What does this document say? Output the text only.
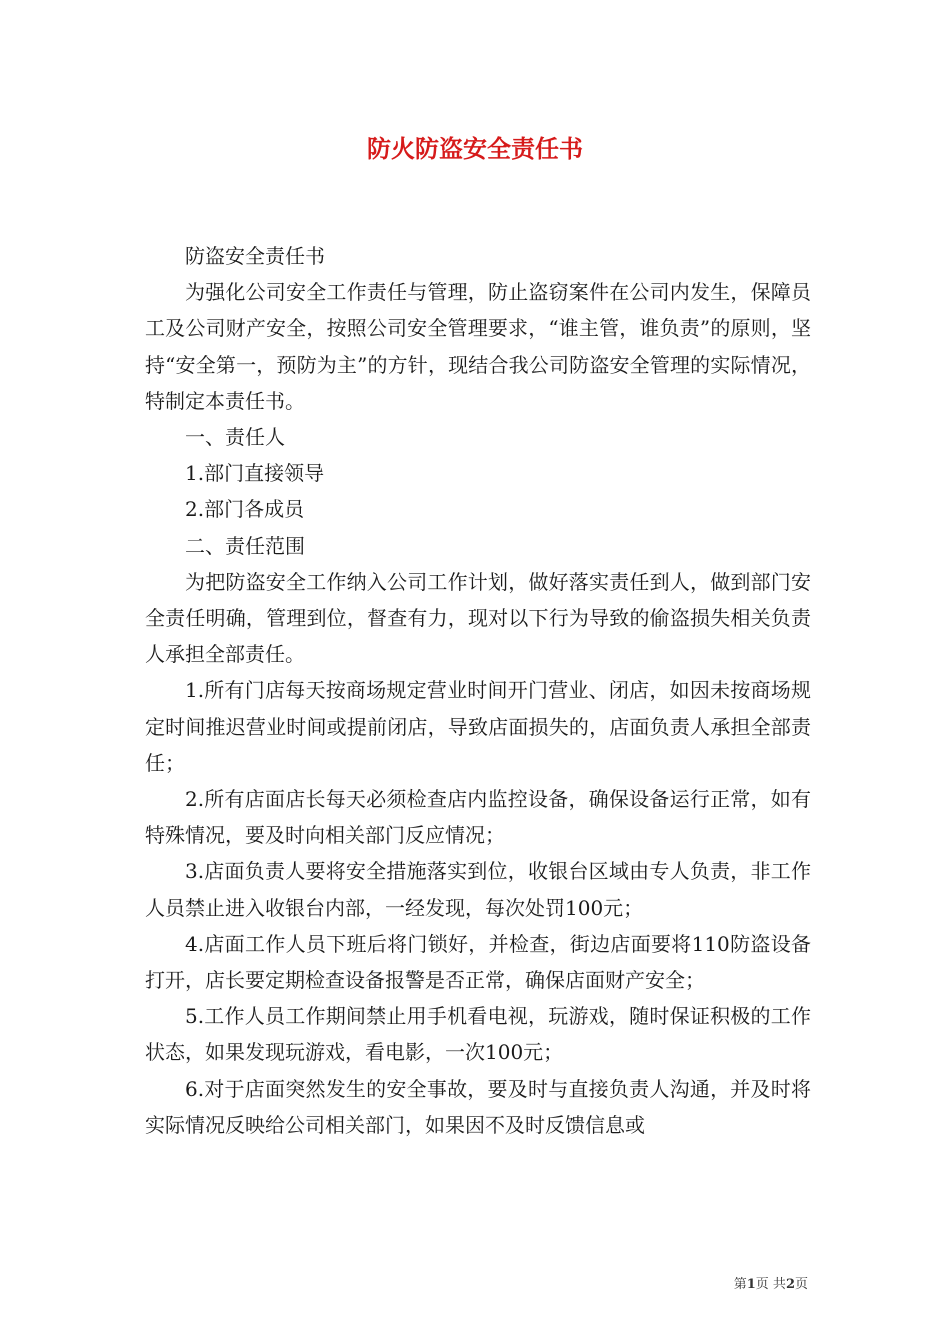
防火防盗安全责任书

防盗安全责任书

为强化公司安全工作责任与管理，防止盗窃案件在公司内发生，保障员工及公司财产安全，按照公司安全管理要求，“谁主管，谁负责”的原则，坚持“安全第一，预防为主”的方针，现结合我公司防盗安全管理的实际情况，特制定本责任书。

一、责任人

1.部门直接领导

2.部门各成员

二、责任范围

为把防盗安全工作纳入公司工作计划，做好落实责任到人，做到部门安全责任明确，管理到位，督查有力，现对以下行为导致的偷盗损失相关负责人承担全部责任。

1.所有门店每天按商场规定营业时间开门营业、闭店，如因未按商场规定时间推迟营业时间或提前闭店，导致店面损失的，店面负责人承担全部责任；

2.所有店面店长每天必须检查店内监控设备，确保设备运行正常，如有特殊情况，要及时向相关部门反应情况；

3.店面负责人要将安全措施落实到位，收银台区域由专人负责，非工作人员禁止进入收银台内部，一经发现，每次处罚100元；

4.店面工作人员下班后将门锁好，并检查，街边店面要将110防盗设备打开，店长要定期检查设备报警是否正常，确保店面财产安全；

5.工作人员工作期间禁止用手机看电视，玩游戏，随时保证积极的工作状态，如果发现玩游戏，看电影，一次100元；

6.对于店面突然发生的安全事故，要及时与直接负责人沟通，并及时将实际情况反映给公司相关部门，如果因不及时反馈信息或

第1页 共2页
